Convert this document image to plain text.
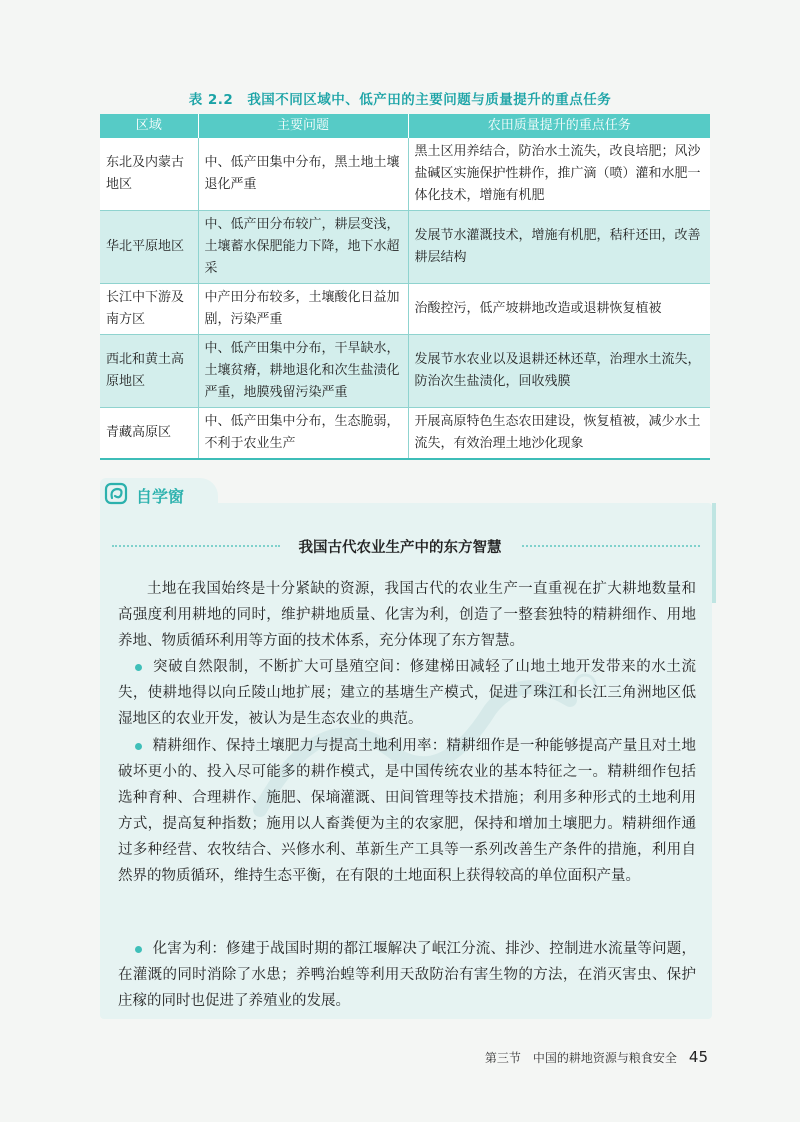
表 2.2 我国不同区域中、低产田的主要问题与质量提升的重点任务
区域	主要问题	农田质量提升的重点任务
东北及内蒙古地区	中、低产田集中分布，黑土地土壤退化严重	黑土区用养结合，防治水土流失，改良培肥；风沙盐碱区实施保护性耕作，推广滴（喷）灌和水肥一体化技术，增施有机肥
华北平原地区	中、低产田分布较广，耕层变浅，土壤蓄水保肥能力下降，地下水超采	发展节水灌溉技术，增施有机肥，秸秆还田，改善耕层结构
长江中下游及南方区	中产田分布较多，土壤酸化日益加剧，污染严重	治酸控污，低产坡耕地改造或退耕恢复植被
西北和黄土高原地区	中、低产田集中分布，干旱缺水，土壤贫瘠，耕地退化和次生盐渍化严重，地膜残留污染严重	发展节水农业以及退耕还林还草，治理水土流失，防治次生盐渍化，回收残膜
青藏高原区	中、低产田集中分布，生态脆弱，不利于农业生产	开展高原特色生态农田建设，恢复植被，减少水土流失，有效治理土地沙化现象
自学窗
我国古代农业生产中的东方智慧
土地在我国始终是十分紧缺的资源，我国古代的农业生产一直重视在扩大耕地数量和高强度利用耕地的同时，维护耕地质量、化害为利，创造了一整套独特的精耕细作、用地养地、物质循环利用等方面的技术体系，充分体现了东方智慧。
突破自然限制，不断扩大可垦殖空间：修建梯田减轻了山地土地开发带来的水土流失，使耕地得以向丘陵山地扩展；建立的基塘生产模式，促进了珠江和长江三角洲地区低湿地区的农业开发，被认为是生态农业的典范。
精耕细作、保持土壤肥力与提高土地利用率：精耕细作是一种能够提高产量且对土地破坏更小的、投入尽可能多的耕作模式，是中国传统农业的基本特征之一。精耕细作包括选种育种、合理耕作、施肥、保墒灌溉、田间管理等技术措施；利用多种形式的土地利用方式，提高复种指数；施用以人畜粪便为主的农家肥，保持和增加土壤肥力。精耕细作通过多种经营、农牧结合、兴修水利、革新生产工具等一系列改善生产条件的措施，利用自然界的物质循环，维持生态平衡，在有限的土地面积上获得较高的单位面积产量。
化害为利：修建于战国时期的都江堰解决了岷江分流、排沙、控制进水流量等问题，在灌溉的同时消除了水患；养鸭治蝗等利用天敌防治有害生物的方法，在消灭害虫、保护庄稼的同时也促进了养殖业的发展。
第三节　中国的耕地资源与粮食安全 45
